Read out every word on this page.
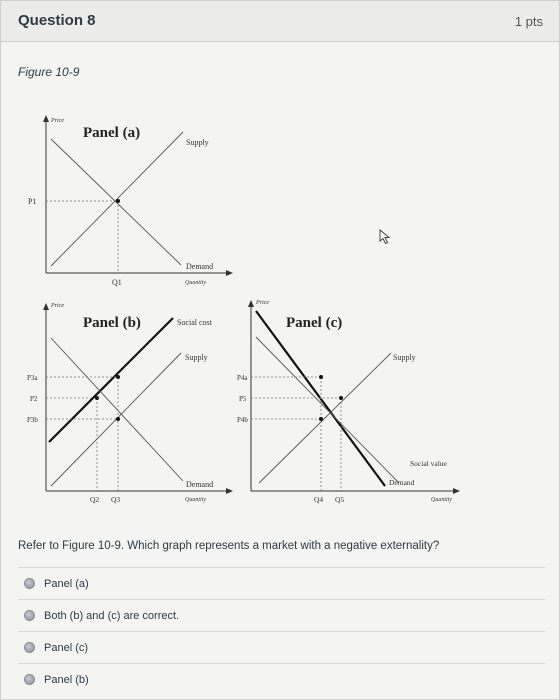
Question 8	1 pts
Figure 10-9
Price
Quantity
Panel (a)
Supply
Demand
P1
Q1
Price
Quantity
Panel (b)	Social cost
Supply
Demand
P3a
P2
P3b
Q2 Q3
Price
Quantity
Panel (c)
Supply
Social value
Demand
P4a
P5
P4b
Q4 Q5
Refer to Figure 10-9. Which graph represents a market with a negative externality?
Panel (a)
Both (b) and (c) are correct.
Panel (c)
Panel (b)
